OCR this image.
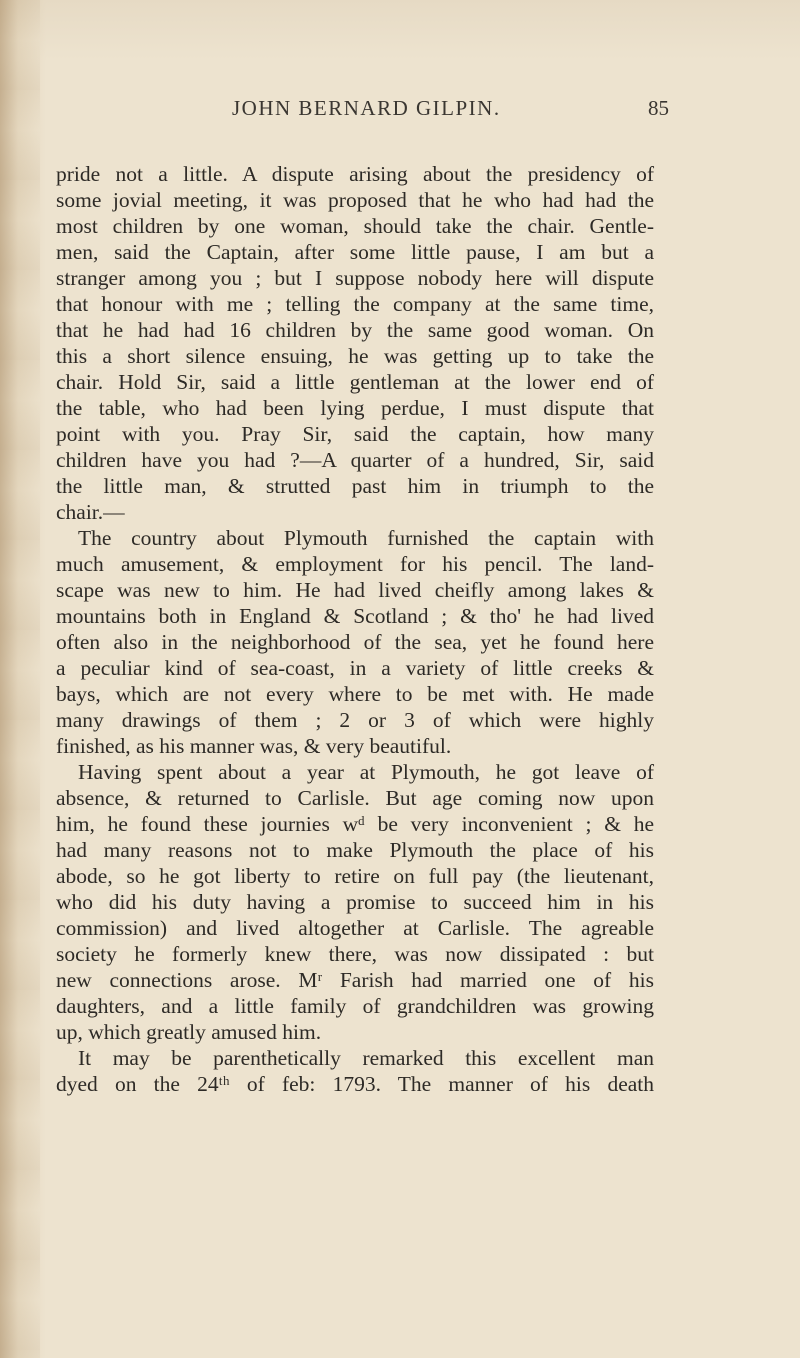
JOHN BERNARD GILPIN.	85
pride not a little. A dispute arising about the presidency of
some jovial meeting, it was proposed that he who had had the
most children by one woman, should take the chair. Gentle-
men, said the Captain, after some little pause, I am but a
stranger among you ; but I suppose nobody here will dispute
that honour with me ; telling the company at the same time,
that he had had 16 children by the same good woman. On
this a short silence ensuing, he was getting up to take the
chair. Hold Sir, said a little gentleman at the lower end of
the table, who had been lying perdue, I must dispute that
point with you. Pray Sir, said the captain, how many
children have you had ?—A quarter of a hundred, Sir, said
the little man, & strutted past him in triumph to the
chair.—
The country about Plymouth furnished the captain with
much amusement, & employment for his pencil. The land-
scape was new to him. He had lived cheifly among lakes &
mountains both in England & Scotland ; & tho' he had lived
often also in the neighborhood of the sea, yet he found here
a peculiar kind of sea-coast, in a variety of little creeks &
bays, which are not every where to be met with. He made
many drawings of them ; 2 or 3 of which were highly
finished, as his manner was, & very beautiful.
Having spent about a year at Plymouth, he got leave of
absence, & returned to Carlisle. But age coming now upon
him, he found these journies wᵈ be very inconvenient ; & he
had many reasons not to make Plymouth the place of his
abode, so he got liberty to retire on full pay (the lieutenant,
who did his duty having a promise to succeed him in his
commission) and lived altogether at Carlisle. The agreable
society he formerly knew there, was now dissipated : but
new connections arose. Mʳ Farish had married one of his
daughters, and a little family of grandchildren was growing
up, which greatly amused him.
It may be parenthetically remarked this excellent man
dyed on the 24ᵗʰ of feb: 1793. The manner of his death
